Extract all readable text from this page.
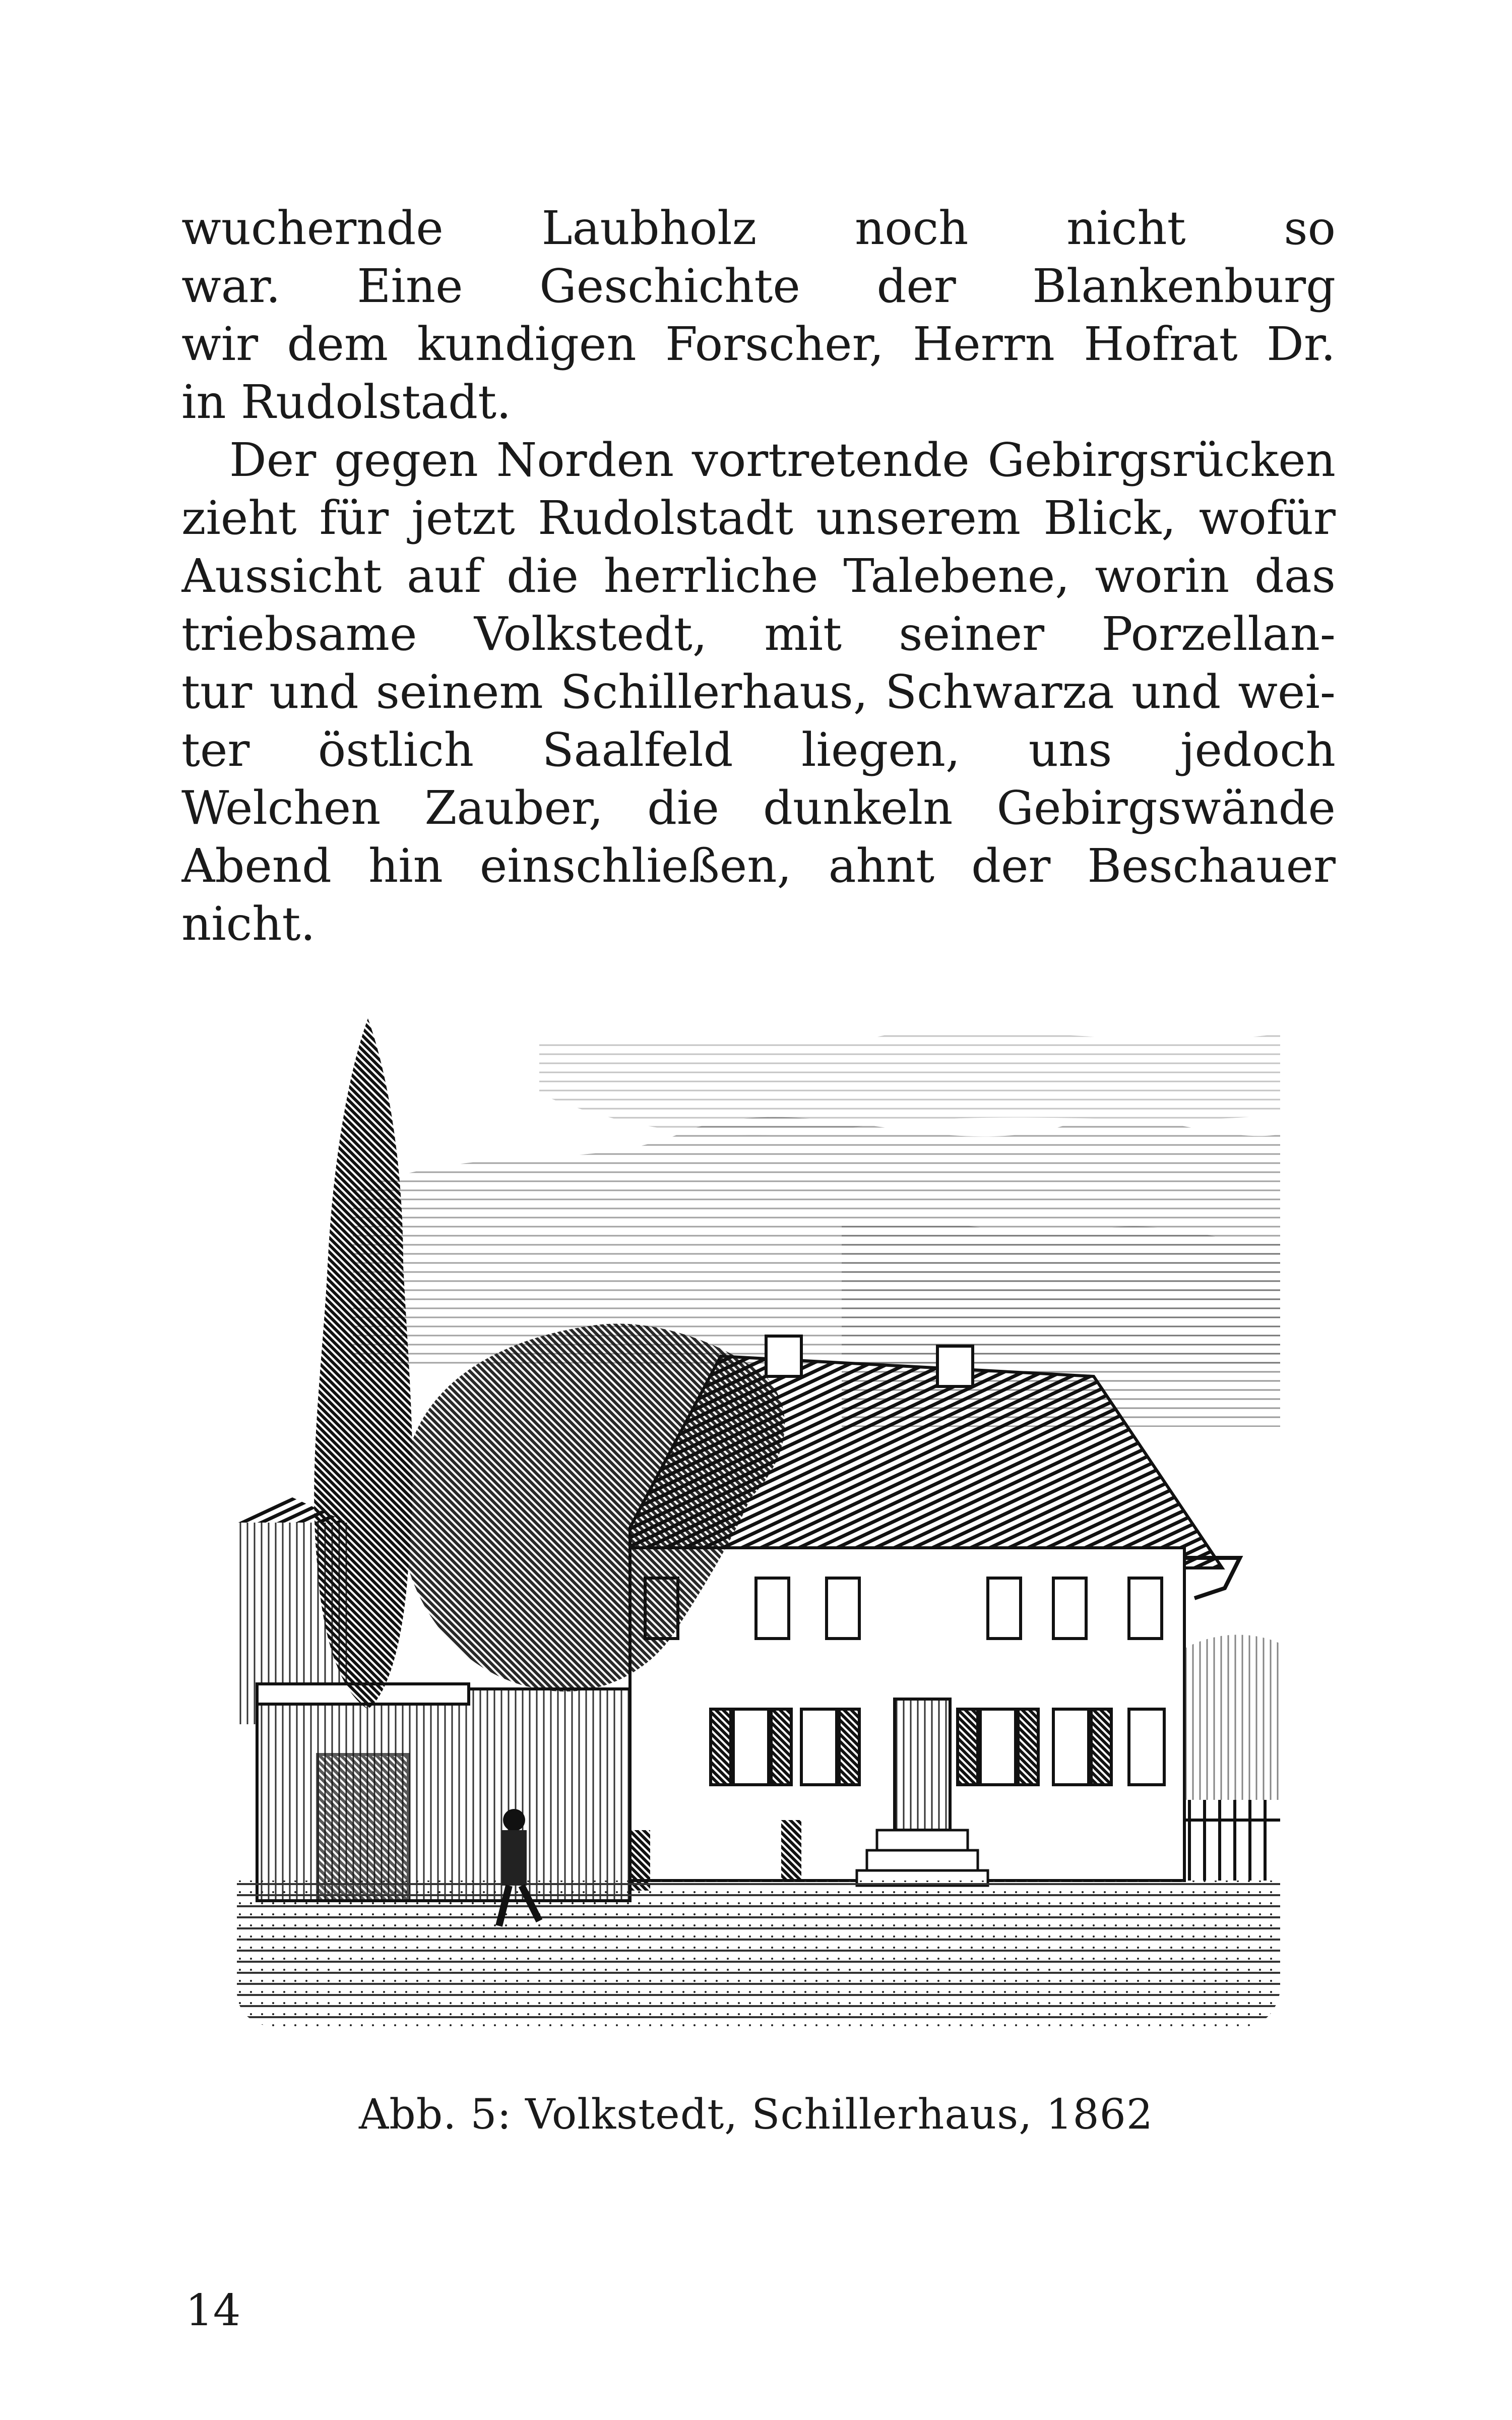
wuchernde Laubholz noch nicht so
war. Eine Geschichte der Blankenburg
wir dem kundigen Forscher, Herrn Hofrat Dr.
in Rudolstadt.
Der gegen Norden vortretende Gebirgsrücken
zieht für jetzt Rudolstadt unserem Blick, wofür
Aussicht auf die herrliche Talebene, worin das
triebsame Volkstedt, mit seiner Porzellan-
tur und seinem Schillerhaus, Schwarza und wei-
ter östlich Saalfeld liegen, uns jedoch
Welchen Zauber, die dunkeln Gebirgswände
Abend hin einschließen, ahnt der Beschauer
nicht.
Abb. 5: Volkstedt, Schillerhaus, 1862
14
